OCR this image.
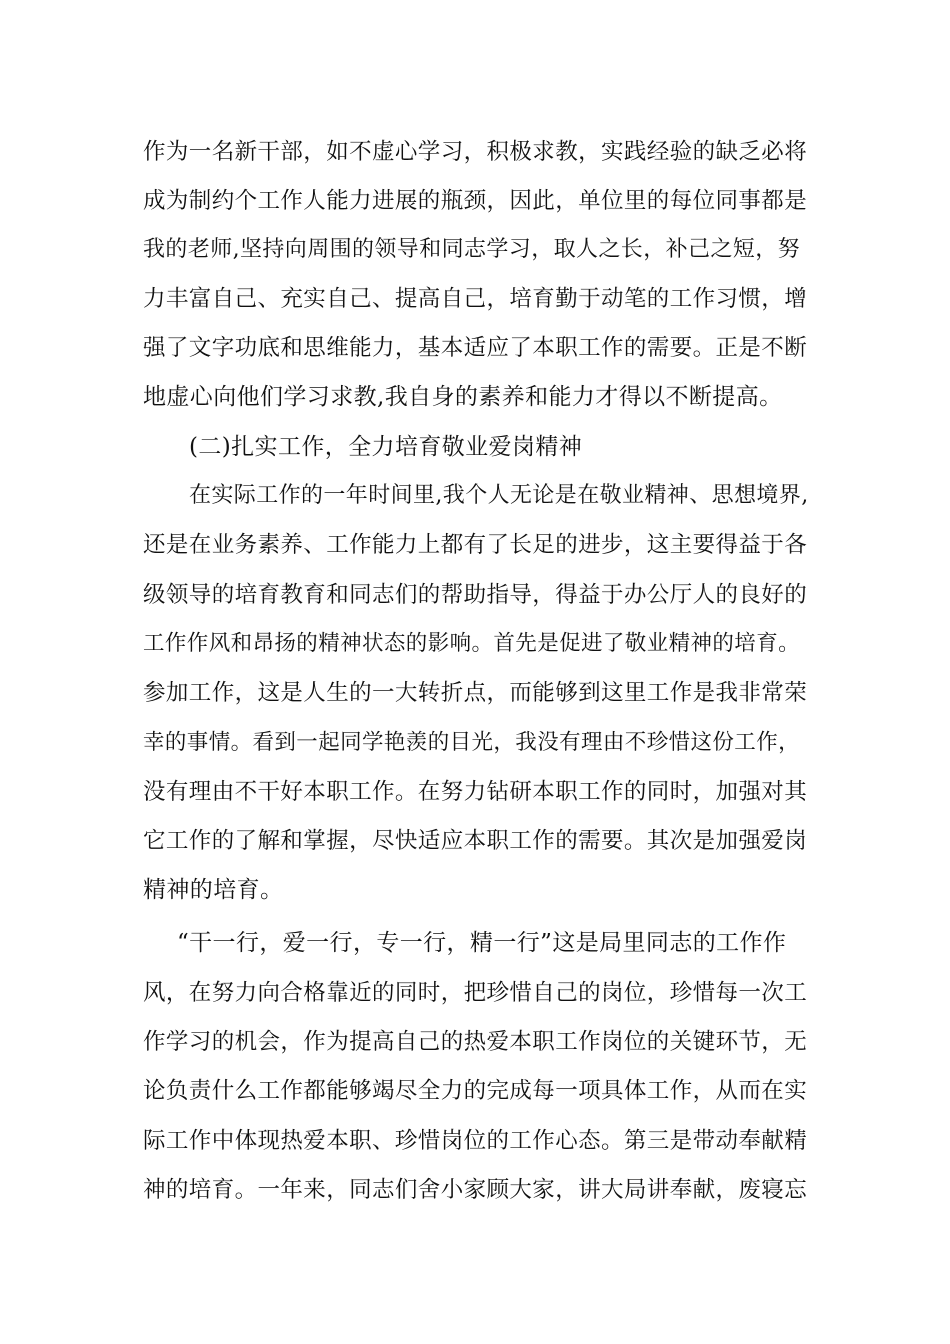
作为一名新干部，如不虚心学习，积极求教，实践经验的缺乏必将
成为制约个工作人能力进展的瓶颈，因此，单位里的每位同事都是
我的老师,坚持向周围的领导和同志学习，取人之长，补己之短，努
力丰富自己、充实自己、提高自己，培育勤于动笔的工作习惯，增
强了文字功底和思维能力，基本适应了本职工作的需要。正是不断
地虚心向他们学习求教,我自身的素养和能力才得以不断提高。
(二)扎实工作，全力培育敬业爱岗精神
在实际工作的一年时间里,我个人无论是在敬业精神、思想境界,
还是在业务素养、工作能力上都有了长足的进步，这主要得益于各
级领导的培育教育和同志们的帮助指导，得益于办公厅人的良好的
工作作风和昂扬的精神状态的影响。首先是促进了敬业精神的培育。
参加工作，这是人生的一大转折点，而能够到这里工作是我非常荣
幸的事情。看到一起同学艳羡的目光，我没有理由不珍惜这份工作，
没有理由不干好本职工作。在努力钻研本职工作的同时，加强对其
它工作的了解和掌握，尽快适应本职工作的需要。其次是加强爱岗
精神的培育。
“干一行，爱一行，专一行，精一行”这是局里同志的工作作
风，在努力向合格靠近的同时，把珍惜自己的岗位，珍惜每一次工
作学习的机会，作为提高自己的热爱本职工作岗位的关键环节，无
论负责什么工作都能够竭尽全力的完成每一项具体工作，从而在实
际工作中体现热爱本职、珍惜岗位的工作心态。第三是带动奉献精
神的培育。一年来，同志们舍小家顾大家，讲大局讲奉献，废寝忘
